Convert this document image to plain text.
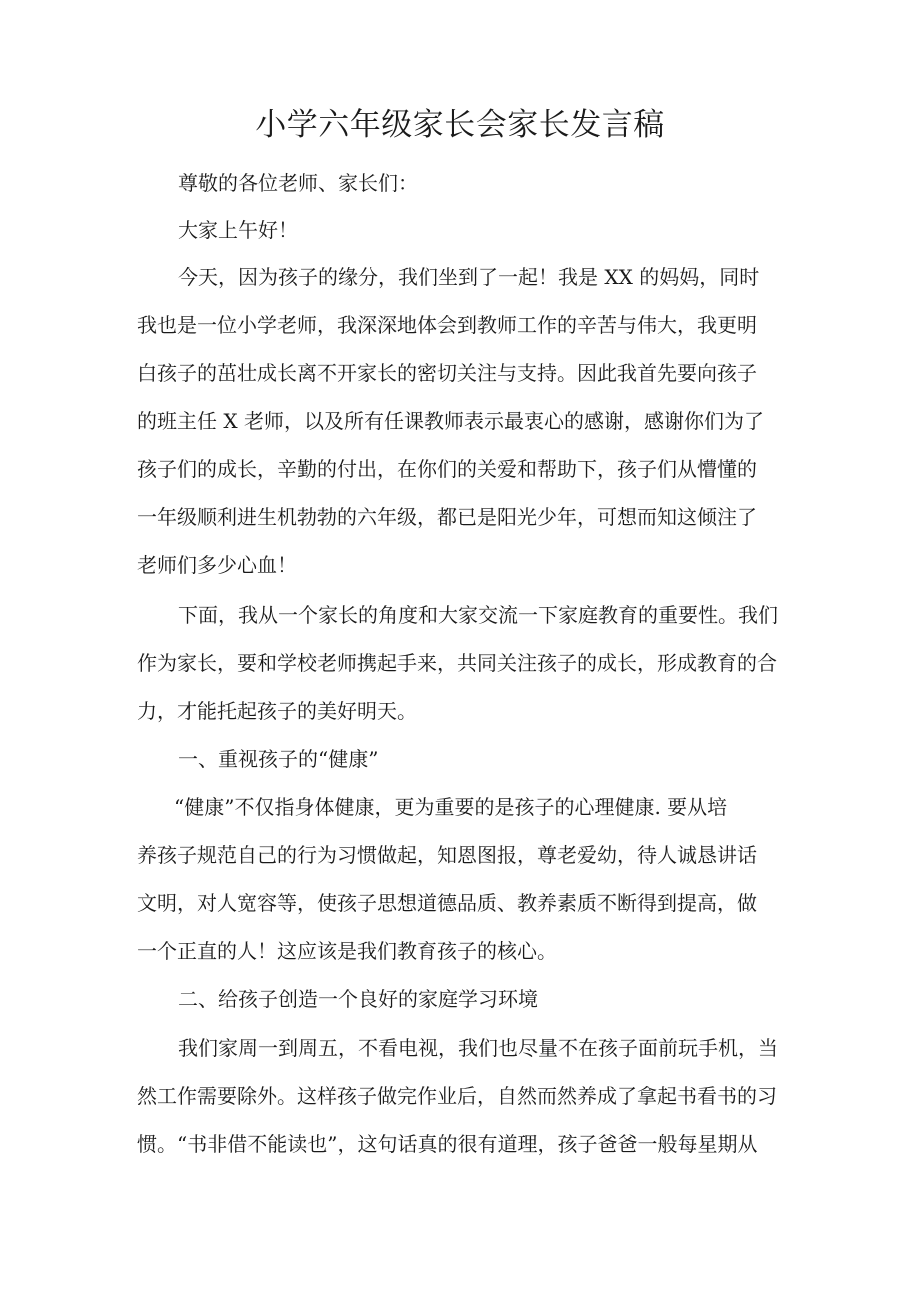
小学六年级家长会家长发言稿
尊敬的各位老师、家长们：
大家上午好！
今天，因为孩子的缘分，我们坐到了一起！我是 XX 的妈妈，同时
我也是一位小学老师，我深深地体会到教师工作的辛苦与伟大，我更明
白孩子的茁壮成长离不开家长的密切关注与支持。因此我首先要向孩子
的班主任 X 老师，以及所有任课教师表示最衷心的感谢，感谢你们为了
孩子们的成长，辛勤的付出，在你们的关爱和帮助下，孩子们从懵懂的
一年级顺利进生机勃勃的六年级，都已是阳光少年，可想而知这倾注了
老师们多少心血！
下面，我从一个家长的角度和大家交流一下家庭教育的重要性。我们
作为家长，要和学校老师携起手来，共同关注孩子的成长，形成教育的合
力，才能托起孩子的美好明天。
一、重视孩子的“健康”
“健康”不仅指身体健康，更为重要的是孩子的心理健康. 要从培
养孩子规范自己的行为习惯做起，知恩图报，尊老爱幼，待人诚恳讲话
文明，对人宽容等，使孩子思想道德品质、教养素质不断得到提高，做
一个正直的人！这应该是我们教育孩子的核心。
二、给孩子创造一个良好的家庭学习环境
我们家周一到周五，不看电视，我们也尽量不在孩子面前玩手机，当
然工作需要除外。这样孩子做完作业后，自然而然养成了拿起书看书的习
惯。“书非借不能读也”，这句话真的很有道理，孩子爸爸一般每星期从
